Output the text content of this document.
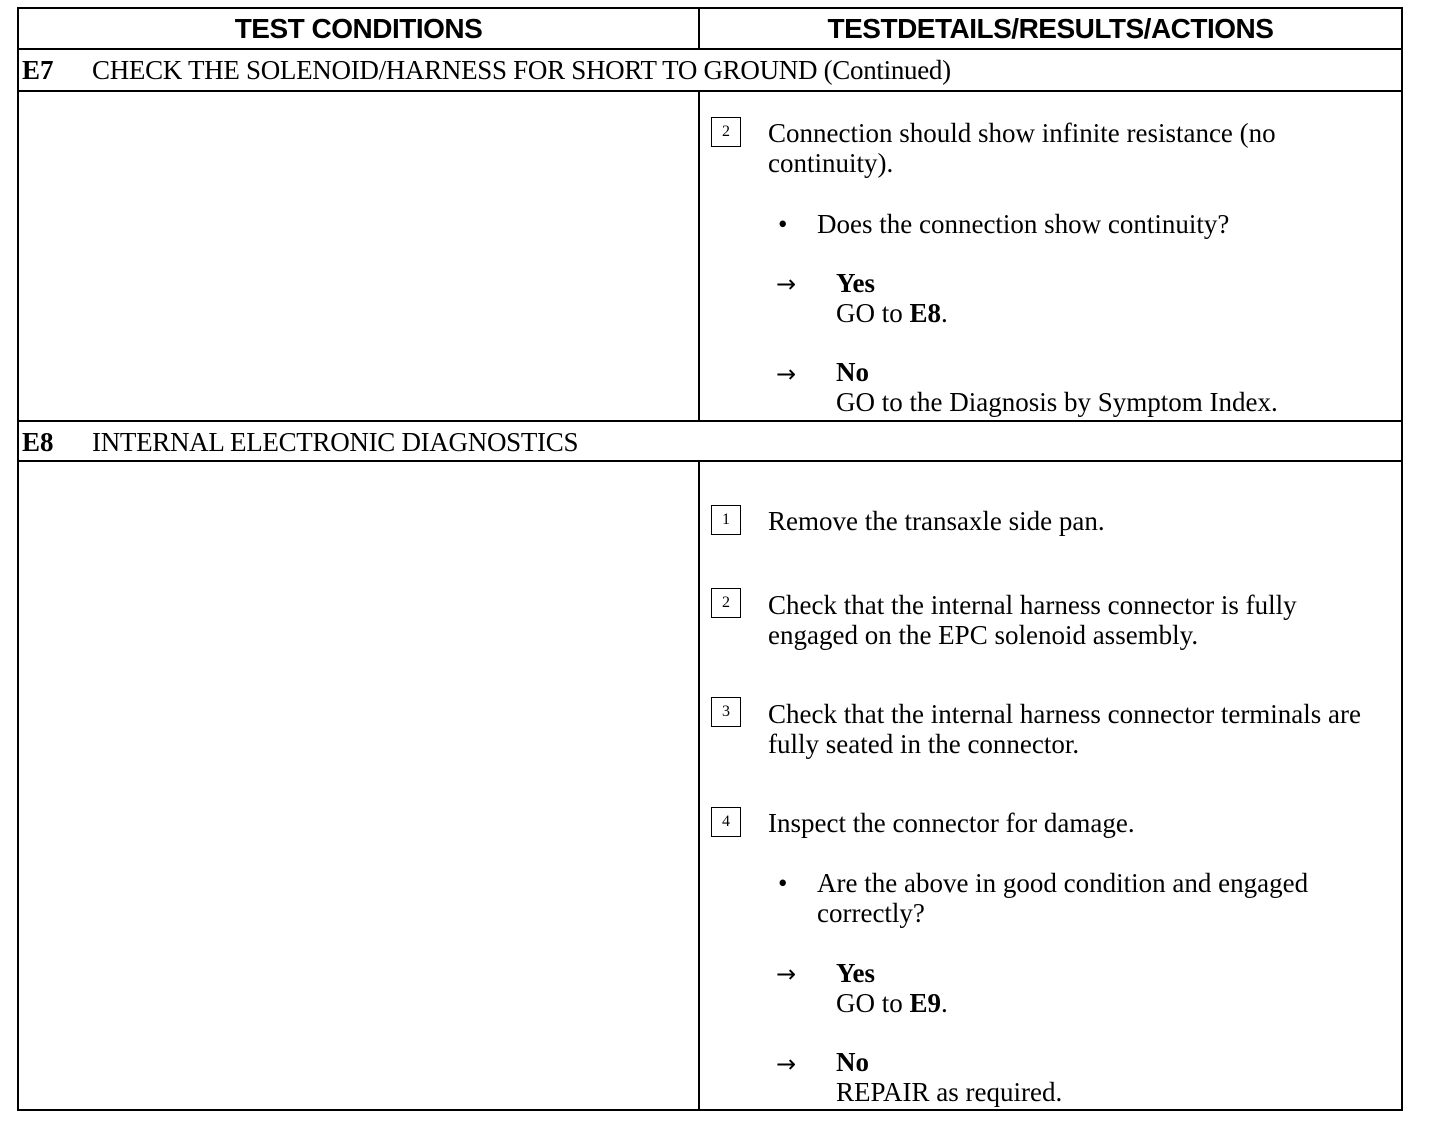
TEST CONDITIONS	TESTDETAILS/RESULTS/ACTIONS
E7	CHECK THE SOLENOID/HARNESS FOR SHORT TO GROUND (Continued)
2	Connection should show infinite resistance (no continuity).
• Does the connection show continuity?
→ Yes
GO to E8.
→ No
GO to the Diagnosis by Symptom Index.
E8	INTERNAL ELECTRONIC DIAGNOSTICS
1	Remove the transaxle side pan.
2	Check that the internal harness connector is fully engaged on the EPC solenoid assembly.
3	Check that the internal harness connector terminals are fully seated in the connector.
4	Inspect the connector for damage.
• Are the above in good condition and engaged correctly?
→ Yes
GO to E9.
→ No
REPAIR as required.
